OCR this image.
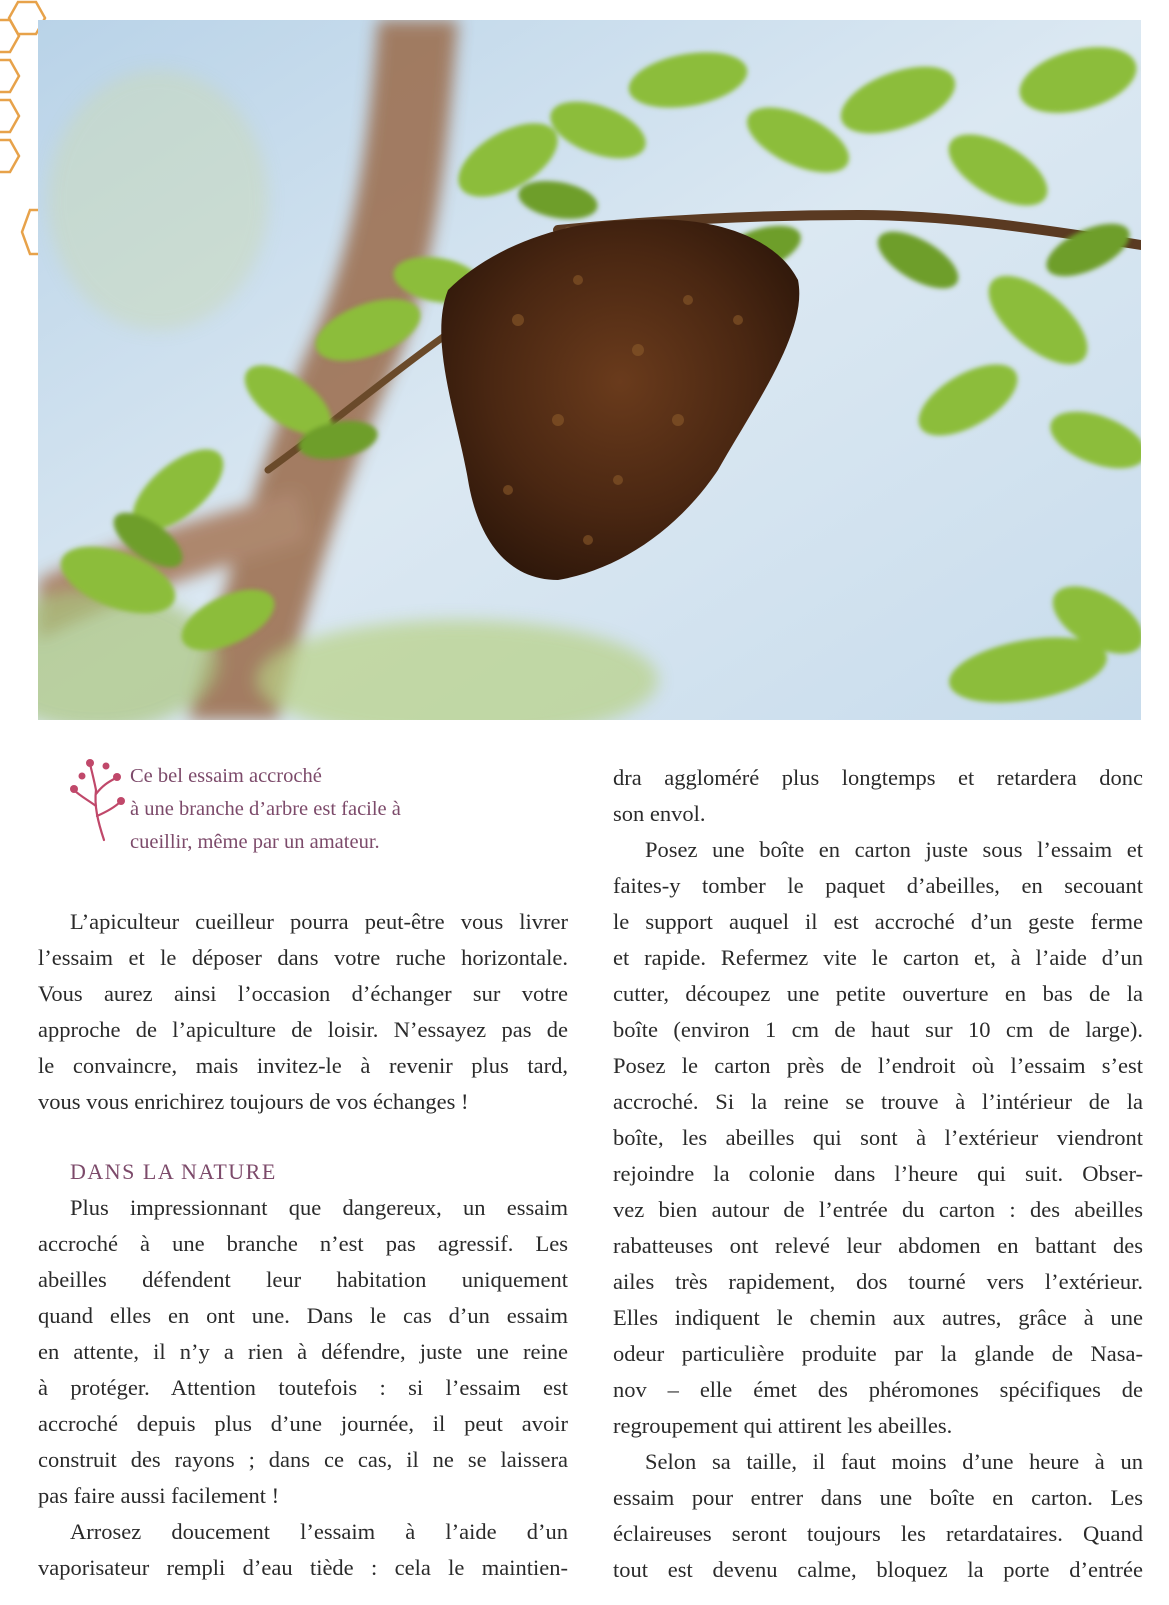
Ce bel essaim accroché
à une branche d’arbre est facile à
cueillir, même par un amateur.

L’apiculteur cueilleur pourra peut-être vous livrer
l’essaim et le déposer dans votre ruche horizontale.
Vous aurez ainsi l’occasion d’échanger sur votre
approche de l’apiculture de loisir. N’essayez pas de
le convaincre, mais invitez-le à revenir plus tard,
vous vous enrichirez toujours de vos échanges !

DANS LA NATURE

Plus impressionnant que dangereux, un essaim
accroché à une branche n’est pas agressif. Les
abeilles défendent leur habitation uniquement
quand elles en ont une. Dans le cas d’un essaim
en attente, il n’y a rien à défendre, juste une reine
à protéger. Attention toutefois : si l’essaim est
accroché depuis plus d’une journée, il peut avoir
construit des rayons ; dans ce cas, il ne se laissera
pas faire aussi facilement !

Arrosez doucement l’essaim à l’aide d’un
vaporisateur rempli d’eau tiède : cela le maintien-

dra aggloméré plus longtemps et retardera donc
son envol.

Posez une boîte en carton juste sous l’essaim et
faites-y tomber le paquet d’abeilles, en secouant
le support auquel il est accroché d’un geste ferme
et rapide. Refermez vite le carton et, à l’aide d’un
cutter, découpez une petite ouverture en bas de la
boîte (environ 1 cm de haut sur 10 cm de large).
Posez le carton près de l’endroit où l’essaim s’est
accroché. Si la reine se trouve à l’intérieur de la
boîte, les abeilles qui sont à l’extérieur viendront
rejoindre la colonie dans l’heure qui suit. Obser-
vez bien autour de l’entrée du carton : des abeilles
rabatteuses ont relevé leur abdomen en battant des
ailes très rapidement, dos tourné vers l’extérieur.
Elles indiquent le chemin aux autres, grâce à une
odeur particulière produite par la glande de Nasa-
nov – elle émet des phéromones spécifiques de
regroupement qui attirent les abeilles.

Selon sa taille, il faut moins d’une heure à un
essaim pour entrer dans une boîte en carton. Les
éclaireuses seront toujours les retardataires. Quand
tout est devenu calme, bloquez la porte d’entrée
